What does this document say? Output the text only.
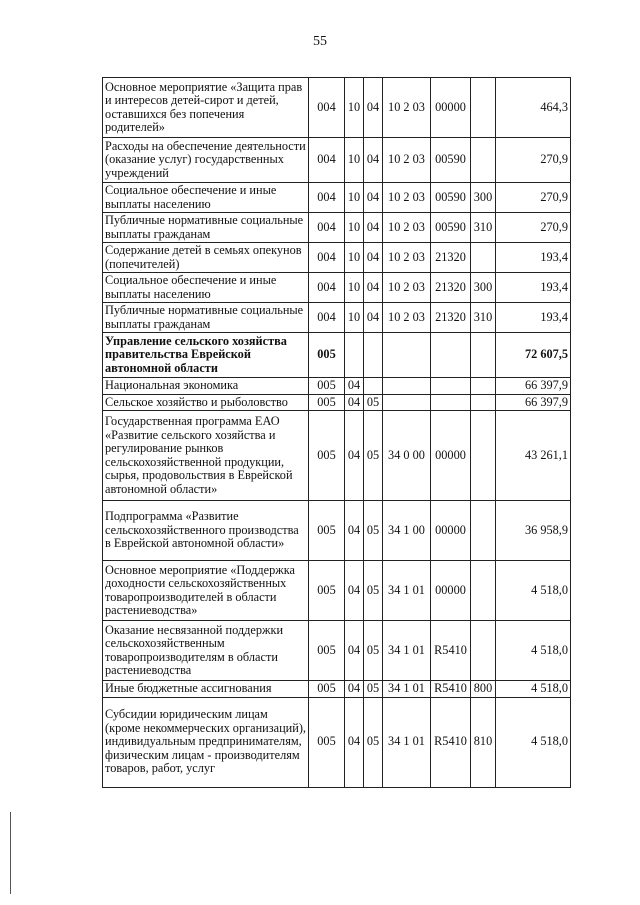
55
Основное мероприятие «Защита прав и интересов детей-сирот и детей, оставшихся без попечения родителей»	004	10	04	10 2 03	00000		464,3
Расходы на обеспечение деятельности (оказание услуг) государственных учреждений	004	10	04	10 2 03	00590		270,9
Социальное обеспечение и иные выплаты населению	004	10	04	10 2 03	00590	300	270,9
Публичные нормативные социальные выплаты гражданам	004	10	04	10 2 03	00590	310	270,9
Содержание детей в семьях опекунов (попечителей)	004	10	04	10 2 03	21320		193,4
Социальное обеспечение и иные выплаты населению	004	10	04	10 2 03	21320	300	193,4
Публичные нормативные социальные выплаты гражданам	004	10	04	10 2 03	21320	310	193,4
Управление сельского хозяйства правительства Еврейской автономной области	005						72 607,5
Национальная экономика	005	04					66 397,9
Сельское хозяйство и рыболовство	005	04	05				66 397,9
Государственная программа ЕАО «Развитие сельского хозяйства и регулирование рынков сельскохозяйственной продукции, сырья, продовольствия в Еврейской автономной области»	005	04	05	34 0 00	00000		43 261,1
Подпрограмма «Развитие сельскохозяйственного производства в Еврейской автономной области»	005	04	05	34 1 00	00000		36 958,9
Основное мероприятие «Поддержка доходности сельскохозяйственных товаропроизводителей в области растениеводства»	005	04	05	34 1 01	00000		4 518,0
Оказание несвязанной поддержки сельскохозяйственным товаропроизводителям в области растениеводства	005	04	05	34 1 01	R5410		4 518,0
Иные бюджетные ассигнования	005	04	05	34 1 01	R5410	800	4 518,0
Субсидии юридическим лицам (кроме некоммерческих организаций), индивидуальным предпринимателям, физическим лицам - производителям товаров, работ, услуг	005	04	05	34 1 01	R5410	810	4 518,0
